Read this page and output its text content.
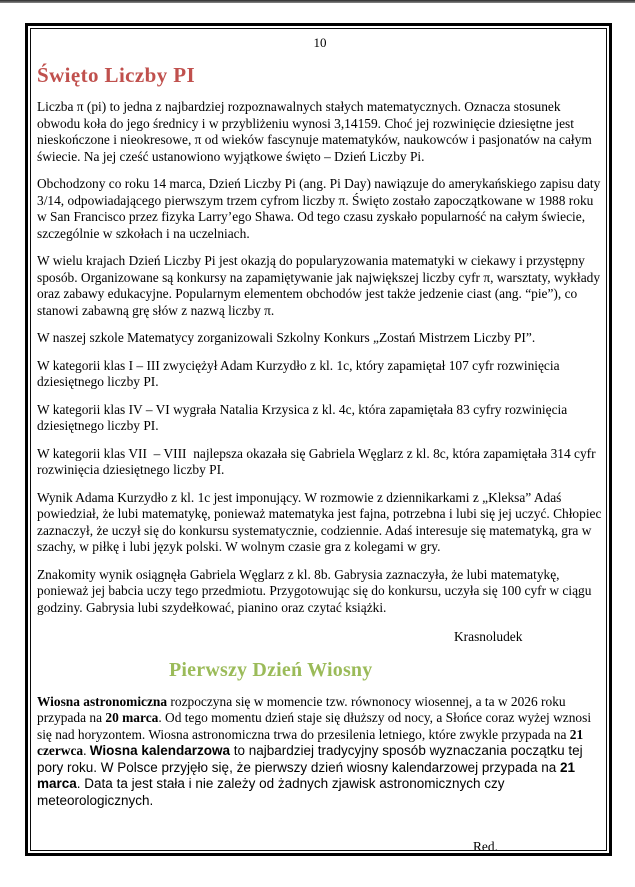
10
Święto Liczby PI

Liczba π (pi) to jedna z najbardziej rozpoznawalnych stałych matematycznych. Oznacza stosunek obwodu koła do jego średnicy i w przybliżeniu wynosi 3,14159. Choć jej rozwinięcie dziesiętne jest nieskończone i nieokresowe, π od wieków fascynuje matematyków, naukowców i pasjonatów na całym świecie. Na jej cześć ustanowiono wyjątkowe święto – Dzień Liczby Pi.

Obchodzony co roku 14 marca, Dzień Liczby Pi (ang. Pi Day) nawiązuje do amerykańskiego zapisu daty 3/14, odpowiadającego pierwszym trzem cyfrom liczby π. Święto zostało zapoczątkowane w 1988 roku w San Francisco przez fizyka Larry’ego Shawa. Od tego czasu zyskało popularność na całym świecie, szczególnie w szkołach i na uczelniach.

W wielu krajach Dzień Liczby Pi jest okazją do popularyzowania matematyki w ciekawy i przystępny sposób. Organizowane są konkursy na zapamiętywanie jak największej liczby cyfr π, warsztaty, wykłady oraz zabawy edukacyjne. Popularnym elementem obchodów jest także jedzenie ciast (ang. “pie”), co stanowi zabawną grę słów z nazwą liczby π.

W naszej szkole Matematycy zorganizowali Szkolny Konkurs „Zostań Mistrzem Liczby PI”.

W kategorii klas I – III zwyciężył Adam Kurzydło z kl. 1c, który zapamiętał 107 cyfr rozwinięcia dziesiętnego liczby PI.

W kategorii klas IV – VI wygrała Natalia Krzysica z kl. 4c, która zapamiętała 83 cyfry rozwinięcia dziesiętnego liczby PI.

W kategorii klas VII  – VIII  najlepsza okazała się Gabriela Węglarz z kl. 8c, która zapamiętała 314 cyfr rozwinięcia dziesiętnego liczby PI.

Wynik Adama Kurzydło z kl. 1c jest imponujący. W rozmowie z dziennikarkami z „Kleksa” Adaś powiedział, że lubi matematykę, ponieważ matematyka jest fajna, potrzebna i lubi się jej uczyć. Chłopiec zaznaczył, że uczył się do konkursu systematycznie, codziennie. Adaś interesuje się matematyką, gra w szachy, w piłkę i lubi język polski. W wolnym czasie gra z kolegami w gry.

Znakomity wynik osiągnęła Gabriela Węglarz z kl. 8b. Gabrysia zaznaczyła, że lubi matematykę, ponieważ jej babcia uczy tego przedmiotu. Przygotowując się do konkursu, uczyła się 100 cyfr w ciągu godziny. Gabrysia lubi szydełkować, pianino oraz czytać książki.

Krasnoludek

Pierwszy Dzień Wiosny

Wiosna astronomiczna rozpoczyna się w momencie tzw. równonocy wiosennej, a ta w 2026 roku przypada na 20 marca. Od tego momentu dzień staje się dłuższy od nocy, a Słońce coraz wyżej wznosi się nad horyzontem. Wiosna astronomiczna trwa do przesilenia letniego, które zwykle przypada na 21 czerwca. Wiosna kalendarzowa to najbardziej tradycyjny sposób wyznaczania początku tej pory roku. W Polsce przyjęło się, że pierwszy dzień wiosny kalendarzowej przypada na 21 marca. Data ta jest stała i nie zależy od żadnych zjawisk astronomicznych czy meteorologicznych.

Red.
